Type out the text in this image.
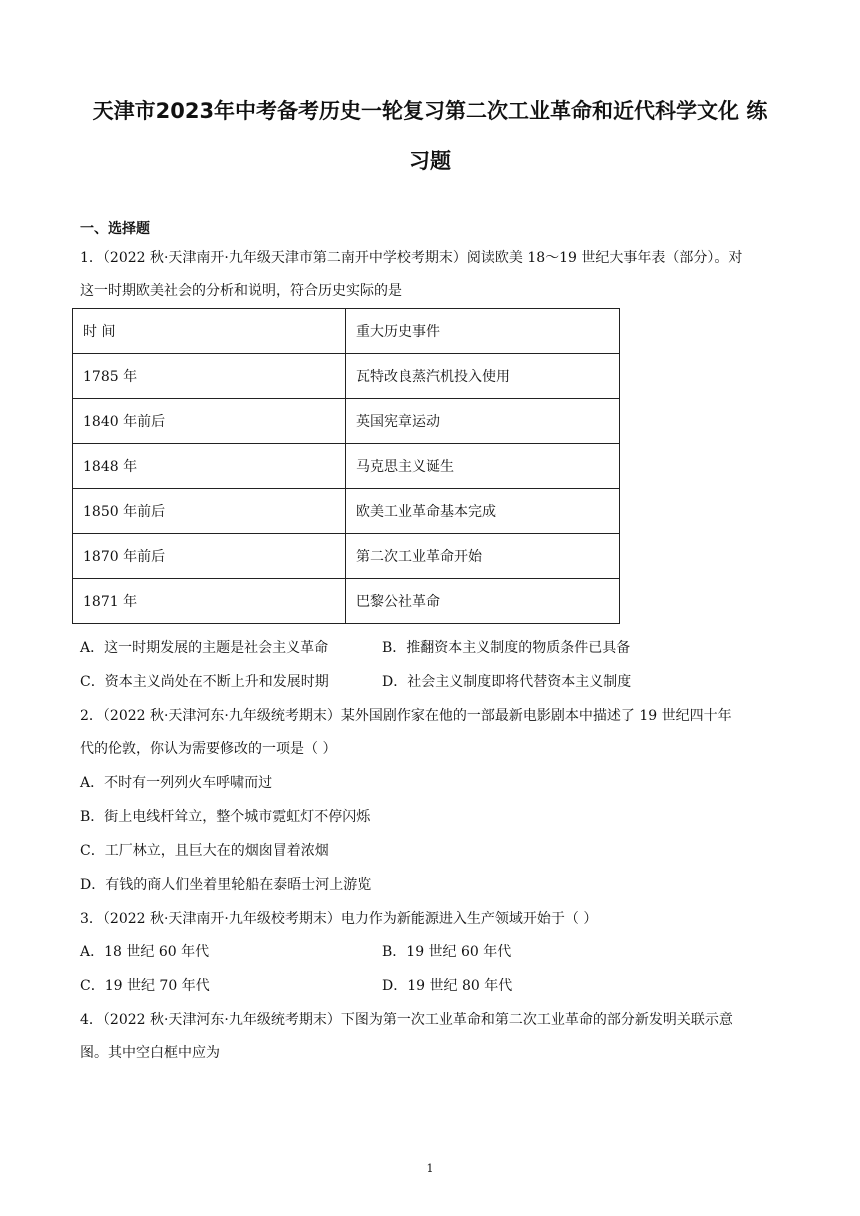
天津市2023年中考备考历史一轮复习第二次工业革命和近代科学文化 练
习题
一、选择题
1．（2022 秋·天津南开·九年级天津市第二南开中学校考期末）阅读欧美 18～19 世纪大事年表（部分）。对
这一时期欧美社会的分析和说明，符合历史实际的是
时 间	重大历史事件
1785 年	瓦特改良蒸汽机投入使用
1840 年前后	英国宪章运动
1848 年	马克思主义诞生
1850 年前后	欧美工业革命基本完成
1870 年前后	第二次工业革命开始
1871 年	巴黎公社革命
A．这一时期发展的主题是社会主义革命	B．推翻资本主义制度的物质条件已具备
C．资本主义尚处在不断上升和发展时期	D．社会主义制度即将代替资本主义制度
2．（2022 秋·天津河东·九年级统考期末）某外国剧作家在他的一部最新电影剧本中描述了 19 世纪四十年
代的伦敦，你认为需要修改的一项是（ ）
A．不时有一列列火车呼啸而过
B．街上电线杆耸立，整个城市霓虹灯不停闪烁
C．工厂林立，且巨大在的烟囱冒着浓烟
D．有钱的商人们坐着里轮船在泰晤士河上游览
3．（2022 秋·天津南开·九年级校考期末）电力作为新能源进入生产领域开始于（ ）
A．18 世纪 60 年代	B．19 世纪 60 年代
C．19 世纪 70 年代	D．19 世纪 80 年代
4．（2022 秋·天津河东·九年级统考期末）下图为第一次工业革命和第二次工业革命的部分新发明关联示意
图。其中空白框中应为
1
